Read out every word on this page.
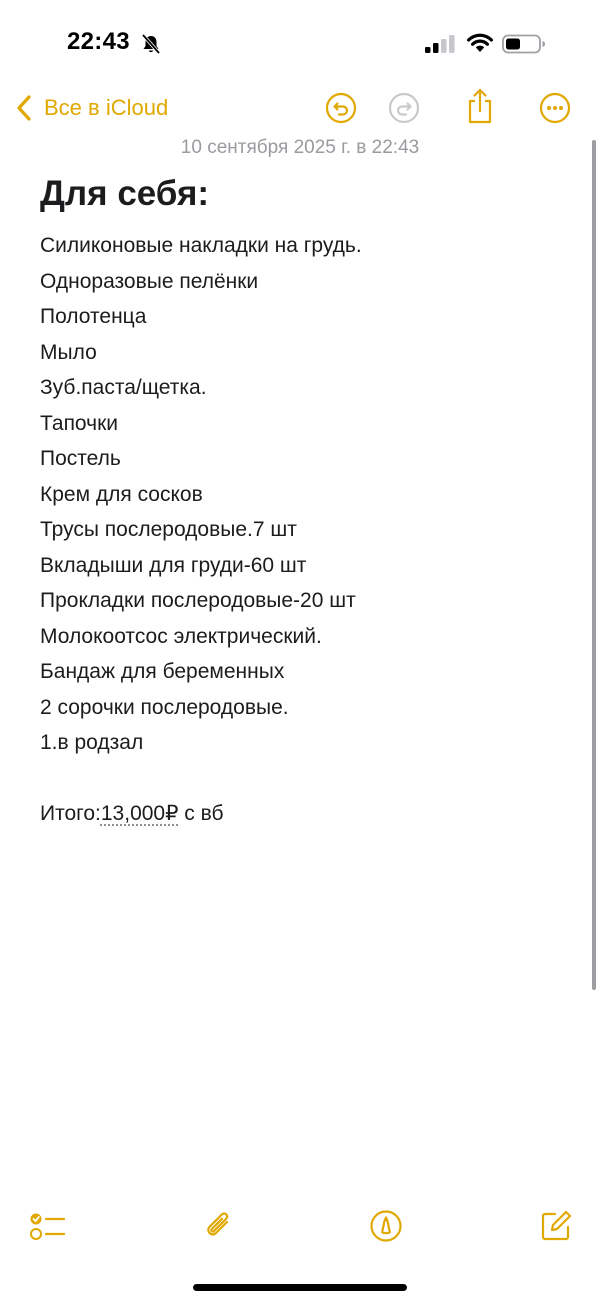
22:43
Все в iCloud
10 сентября 2025 г. в 22:43
Для себя:
Силиконовые накладки на грудь.
Одноразовые пелёнки
Полотенца
Мыло
Зуб.паста/щетка.
Тапочки
Постель
Крем для сосков
Трусы послеродовые.7 шт
Вкладыши для груди-60 шт
Прокладки послеродовые-20 шт
Молокоотсос электрический.
Бандаж для беременных
2 сорочки послеродовые.
1.в родзал
Итого:13,000₽ с вб
